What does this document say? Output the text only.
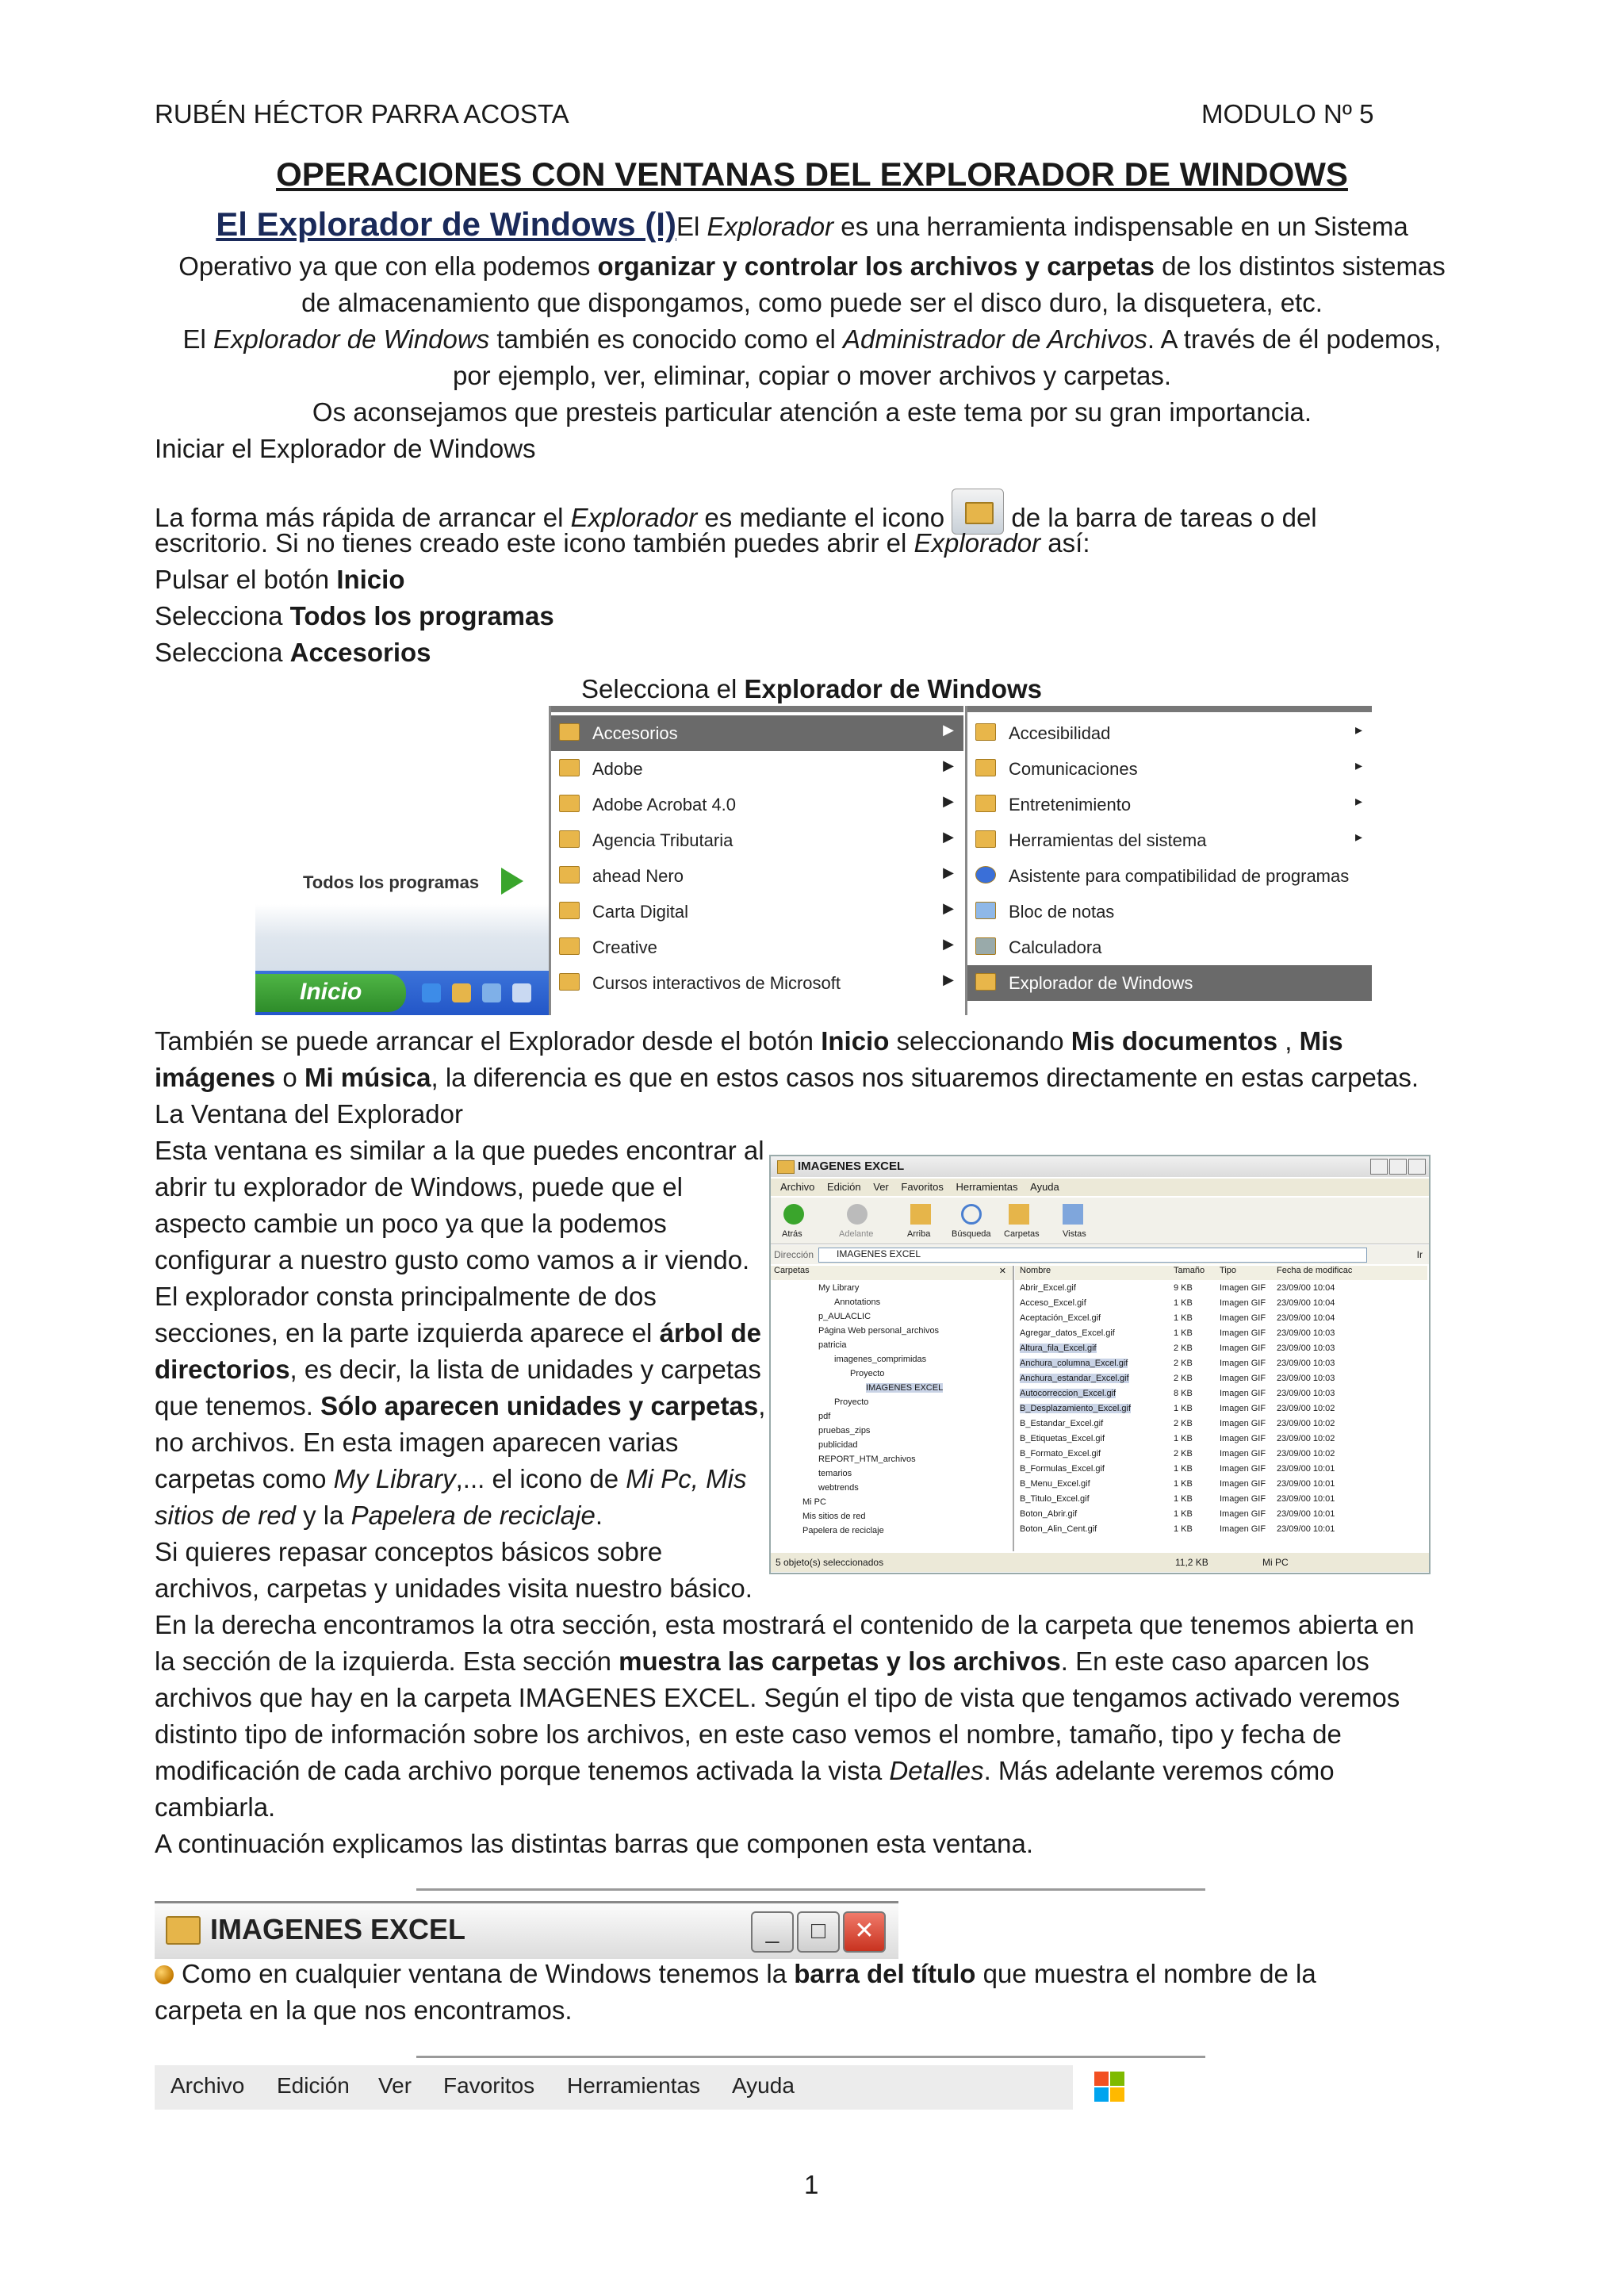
RUBÉN HÉCTOR PARRA ACOSTA	MODULO Nº 5
OPERACIONES CON VENTANAS DEL EXPLORADOR DE WINDOWS
El Explorador de Windows (I)El Explorador es una herramienta indispensable en un Sistema
Operativo ya que con ella podemos organizar y controlar los archivos y carpetas de los distintos sistemas
de almacenamiento que dispongamos, como puede ser el disco duro, la disquetera, etc.
El Explorador de Windows también es conocido como el Administrador de Archivos. A través de él podemos,
por ejemplo, ver, eliminar, copiar o mover archivos y carpetas.
Os aconsejamos que presteis particular atención a este tema por su gran importancia.
Iniciar el Explorador de Windows
La forma más rápida de arrancar el Explorador es mediante el icono	de la barra de tareas o del
escritorio. Si no tienes creado este icono también puedes abrir el Explorador así:
Pulsar el botón Inicio
Selecciona Todos los programas
Selecciona Accesorios
Selecciona el Explorador de Windows
Todos los programas
Inicio
Accesorios	▶
Adobe	▶
Adobe Acrobat 4.0	▶
Agencia Tributaria	▶
ahead Nero	▶
Carta Digital	▶
Creative	▶
Cursos interactivos de Microsoft	▶
Accesibilidad	▸
Comunicaciones	▸
Entretenimiento	▸
Herramientas del sistema	▸
Asistente para compatibilidad de programas
Bloc de notas
Calculadora
Explorador de Windows
También se puede arrancar el Explorador desde el botón Inicio seleccionando Mis documentos , Mis
imágenes o Mi música, la diferencia es que en estos casos nos situaremos directamente en estas carpetas.
La Ventana del Explorador
Esta ventana es similar a la que puedes encontrar al
abrir tu explorador de Windows, puede que el
aspecto cambie un poco ya que la podemos
configurar a nuestro gusto como vamos a ir viendo.
El explorador consta principalmente de dos
secciones, en la parte izquierda aparece el árbol de
directorios, es decir, la lista de unidades y carpetas
que tenemos. Sólo aparecen unidades y carpetas,
no archivos. En esta imagen aparecen varias
carpetas como My Library,... el icono de Mi Pc, Mis
sitios de red y la Papelera de reciclaje.
Si quieres repasar conceptos básicos sobre
archivos, carpetas y unidades visita nuestro básico.
IMAGENES EXCEL
Archivo Edición Ver Favoritos Herramientas Ayuda
Atrás	Adelante	Arriba Búsqueda Carpetas	Vistas
Dirección	IMAGENES EXCEL	Ir
Carpetas	✕
My Library
Annotations
p_AULACLIC
Página Web personal_archivos
patricia
imagenes_comprimidas
Proyecto
IMAGENES EXCEL
Proyecto
pdf
pruebas_zips
publicidad
REPORT_HTM_archivos
temarios
webtrends
Mi PC
Mis sitios de red
Papelera de reciclaje
Nombre	Tamaño Tipo	Fecha de modificac
Abrir_Excel.gif	9 KB	Imagen GIF 23/09/00 10:04
Acceso_Excel.gif	1 KB	Imagen GIF 23/09/00 10:04
Aceptación_Excel.gif	1 KB	Imagen GIF 23/09/00 10:04
Agregar_datos_Excel.gif	1 KB	Imagen GIF 23/09/00 10:03
Altura_fila_Excel.gif	2 KB	Imagen GIF 23/09/00 10:03
Anchura_columna_Excel.gif	2 KB	Imagen GIF 23/09/00 10:03
Anchura_estandar_Excel.gif	2 KB	Imagen GIF 23/09/00 10:03
Autocorreccion_Excel.gif	8 KB	Imagen GIF 23/09/00 10:03
B_Desplazamiento_Excel.gif	1 KB	Imagen GIF 23/09/00 10:02
B_Estandar_Excel.gif	2 KB	Imagen GIF 23/09/00 10:02
B_Etiquetas_Excel.gif	1 KB	Imagen GIF 23/09/00 10:02
B_Formato_Excel.gif	2 KB	Imagen GIF 23/09/00 10:02
B_Formulas_Excel.gif	1 KB	Imagen GIF 23/09/00 10:01
B_Menu_Excel.gif	1 KB	Imagen GIF 23/09/00 10:01
B_Titulo_Excel.gif	1 KB	Imagen GIF 23/09/00 10:01
Boton_Abrir.gif	1 KB	Imagen GIF 23/09/00 10:01
Boton_Alin_Cent.gif	1 KB	Imagen GIF 23/09/00 10:01
5 objeto(s) seleccionados	11,2 KB	Mi PC
En la derecha encontramos la otra sección, esta mostrará el contenido de la carpeta que tenemos abierta en
la sección de la izquierda. Esta sección muestra las carpetas y los archivos. En este caso aparcen los
archivos que hay en la carpeta IMAGENES EXCEL. Según el tipo de vista que tengamos activado veremos
distinto tipo de información sobre los archivos, en este caso vemos el nombre, tamaño, tipo y fecha de
modificación de cada archivo porque tenemos activada la vista Detalles. Más adelante veremos cómo
cambiarla.
A continuación explicamos las distintas barras que componen esta ventana.
IMAGENES EXCEL	_	□	✕
Como en cualquier ventana de Windows tenemos la barra del título que muestra el nombre de la
carpeta en la que nos encontramos.
Archivo Edición Ver Favoritos Herramientas Ayuda
1
